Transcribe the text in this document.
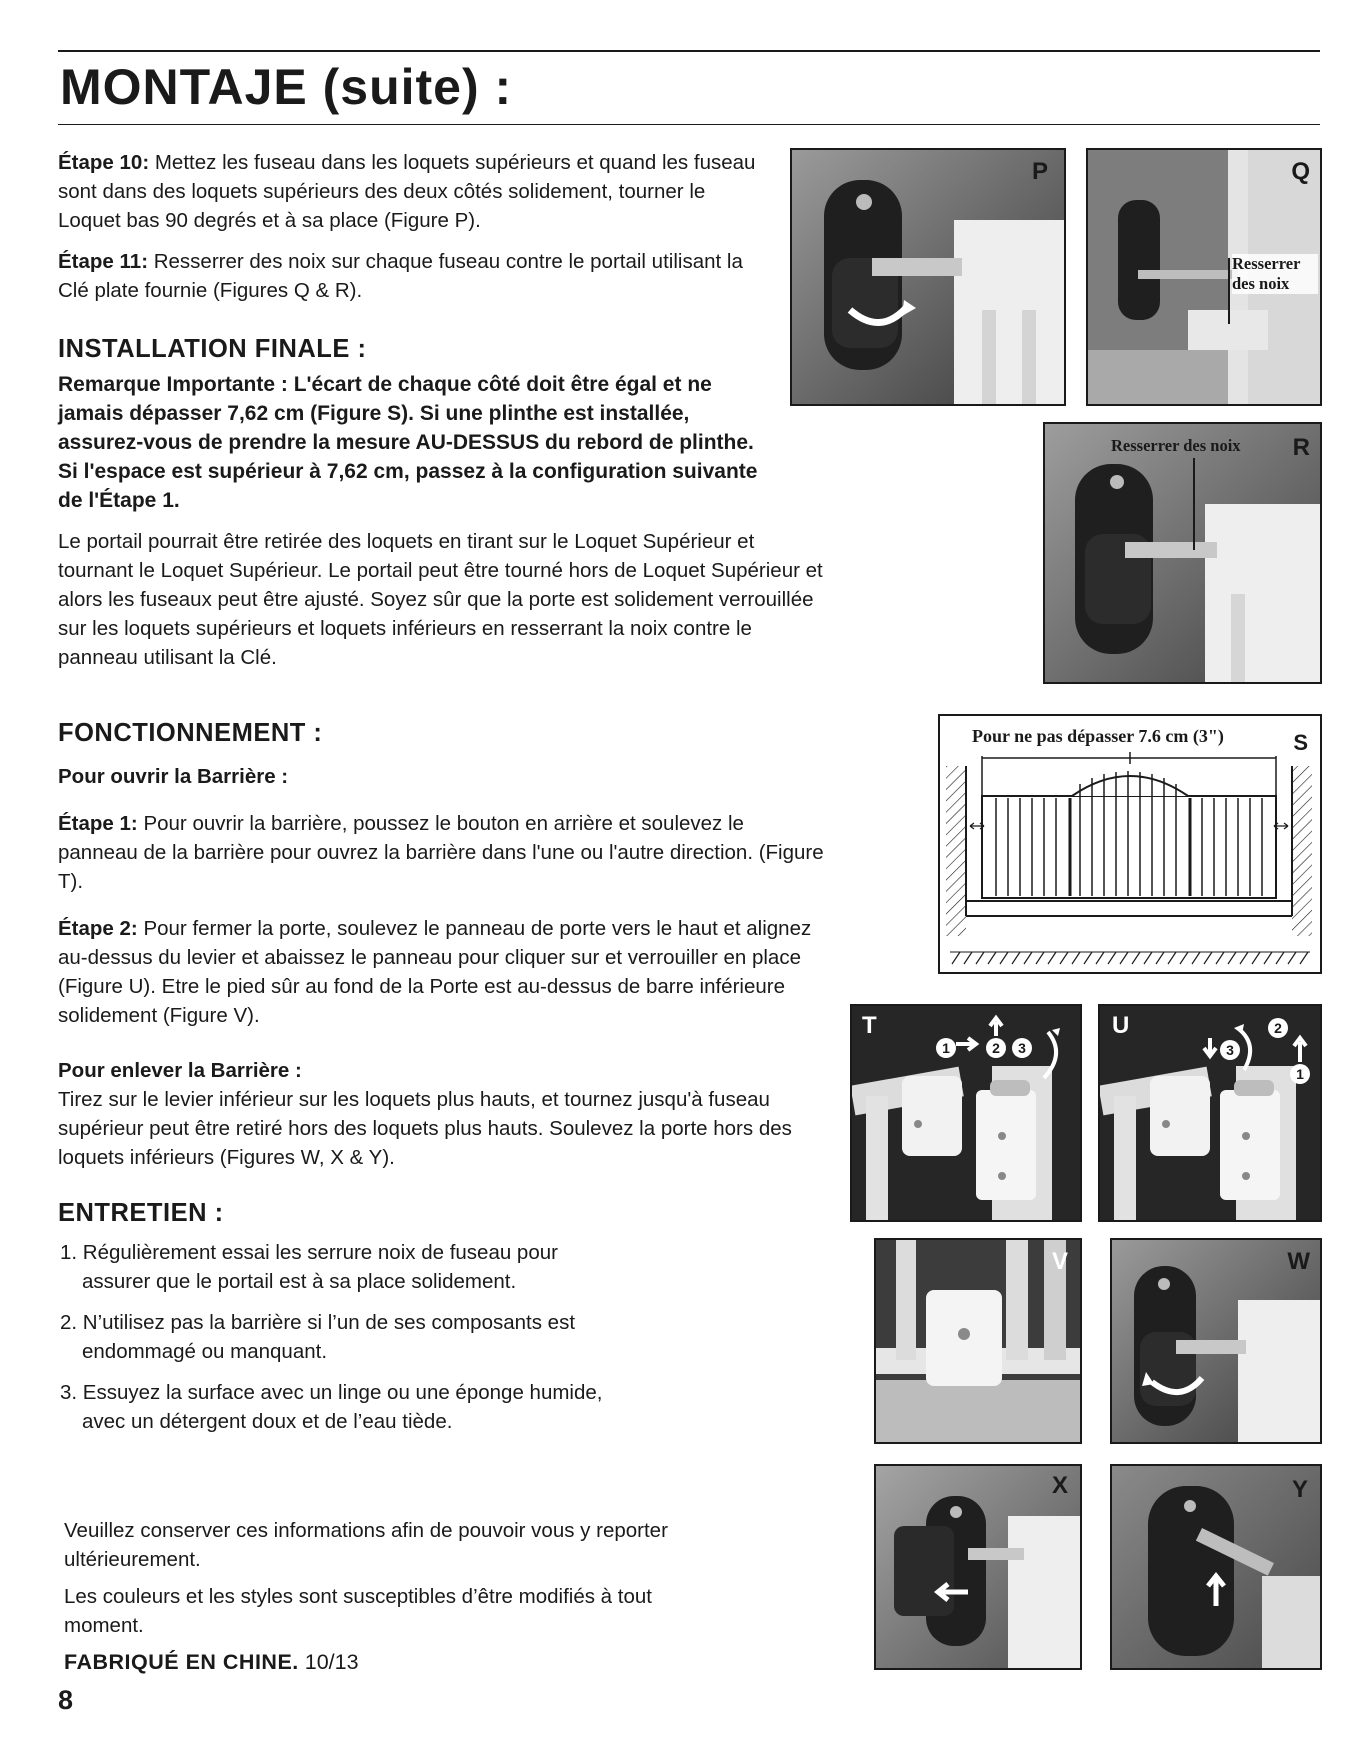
MONTAJE (suite) :

Étape 10: Mettez les fuseau dans les loquets supérieurs et quand les fuseau sont dans des loquets supérieurs des deux côtés solidement, tourner le Loquet bas 90 degrés et à sa place (Figure P).

Étape 11: Resserrer des noix sur chaque fuseau contre le portail utilisant la Clé plate fournie (Figures Q & R).

INSTALLATION FINALE :

Remarque Importante : L'écart de chaque côté doit être égal et ne jamais dépasser 7,62 cm (Figure S). Si une plinthe est installée, assurez-vous de prendre la mesure AU-DESSUS du rebord de plinthe. Si l'espace est supérieur à 7,62 cm, passez à la configuration suivante de l'Étape 1.

Le portail pourrait être retirée des loquets en tirant sur le Loquet Supérieur et tournant le Loquet Supérieur. Le portail peut être tourné hors de Loquet Supérieur et alors les fuseaux peut être ajusté. Soyez sûr que la porte est solidement verrouillée sur les loquets supérieurs et loquets inférieurs en resserrant la noix contre le panneau utilisant la Clé.

FONCTIONNEMENT :
Pour ouvrir la Barrière :

Étape 1: Pour ouvrir la barrière, poussez le bouton en arrière et soulevez le panneau de la barrière pour ouvrez la barrière dans l'une ou l'autre direction. (Figure T).

Étape 2: Pour fermer la porte, soulevez le panneau de porte vers le haut et alignez au-dessus du levier et abaissez le panneau pour cliquer sur et verrouiller en place (Figure U). Etre le pied sûr au fond de la Porte est au-dessus de barre inférieure solidement (Figure V).

Pour enlever la Barrière :

Tirez sur le levier inférieur sur les loquets plus hauts, et tournez jusqu'à fuseau supérieur peut être retiré hors des loquets plus hauts. Soulevez la porte hors des loquets inférieurs (Figures W, X & Y).

ENTRETIEN :

1. Régulièrement essai les serrure noix de fuseau pour assurer que le portail est à sa place solidement.

2. N’utilisez pas la barrière si l’un de ses composants est endommagé ou manquant.

3. Essuyez la surface avec un linge ou une éponge humide, avec un détergent doux et de l’eau tiède.

Veuillez conserver ces informations afin de pouvoir vous y reporter ultérieurement.

Les couleurs et les styles sont susceptibles d’être modifiés à tout moment.

FABRIQUÉ EN CHINE. 10/13

8
P	Q
Resserrer des noix
Resserrer des noix R
Pour ne pas dépasser 7.6 cm (3")	S
T
1	2	3
U	2
3
1
V	W
X	Y
